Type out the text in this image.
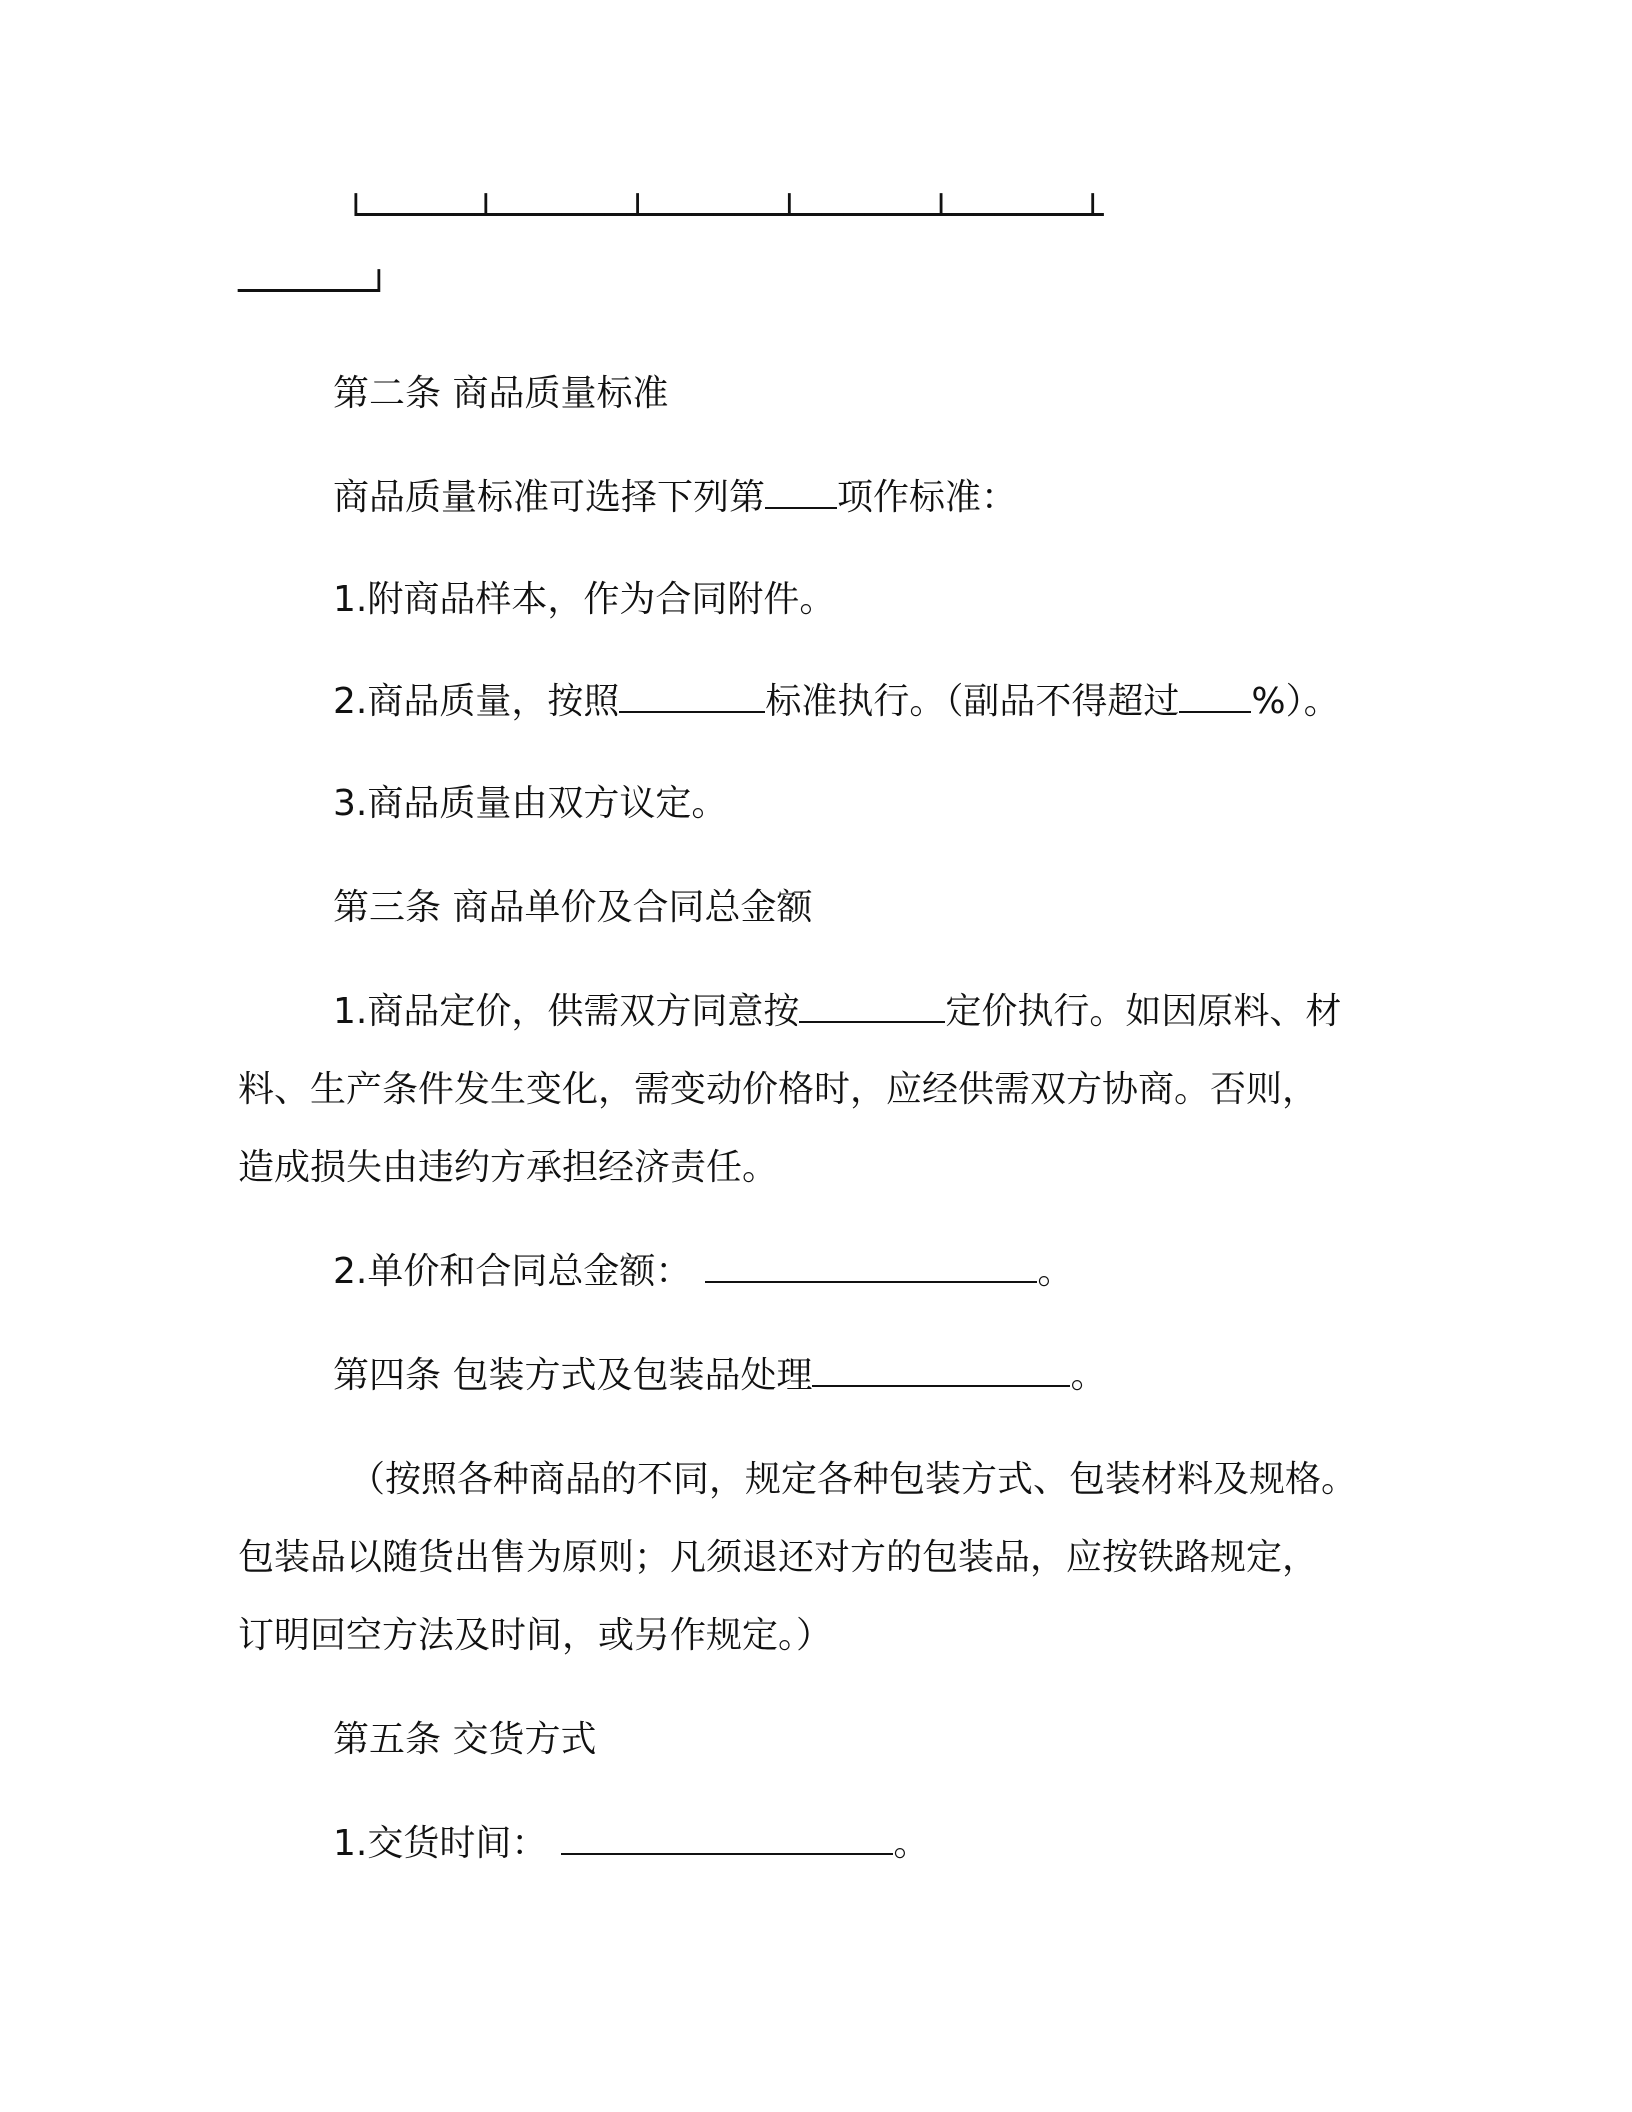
└─────┴──────┴──────┴──────┴──────┴
──────┘
第二条 商品质量标准
商品质量标准可选择下列第 项作标准：
1.附商品样本，作为合同附件。
2.商品质量，按照	标准执行。（副品不得超过 %）。
3.商品质量由双方议定。
第三条 商品单价及合同总金额
1.商品定价，供需双方同意按	定价执行。如因原料、材
料、生产条件发生变化，需变动价格时，应经供需双方协商。否则，
造成损失由违约方承担经济责任。
2.单价和合同总金额：	。
第四条 包装方式及包装品处理	。
（按照各种商品的不同，规定各种包装方式、包装材料及规格。
包装品以随货出售为原则；凡须退还对方的包装品，应按铁路规定，
订明回空方法及时间，或另作规定。）
第五条 交货方式
1.交货时间：	。
